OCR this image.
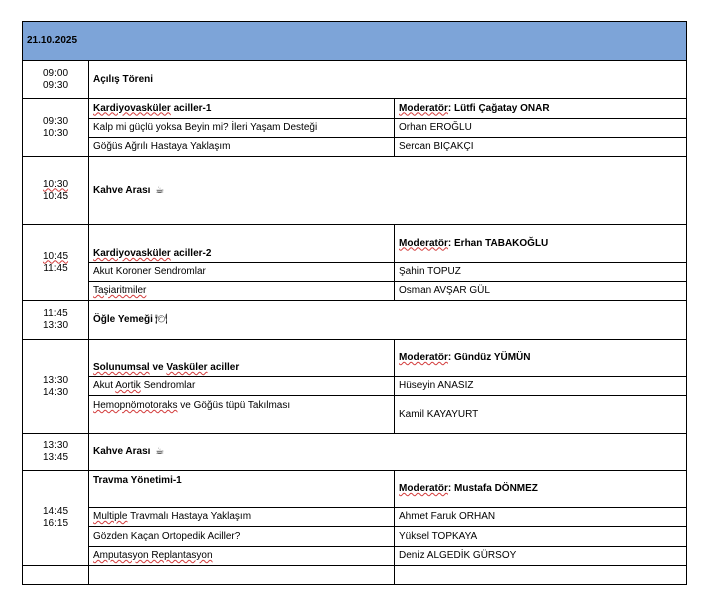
21.10.2025		

09:00
09:30	Açılış Töreni	

09:30
10:30	Kardiyovasküler aciller-1	Moderatör: Lütfi Çağatay ONAR
	Kalp mi güçlü yoksa Beyin mi? İleri Yaşam Desteği	Orhan EROĞLU
	Göğüs Ağrılı Hastaya Yaklaşım	Sercan BIÇAKÇI

10:30
10:45	Kahve Arası ☕	

10:45
11:45	Kardiyovasküler aciller-2	Moderatör: Erhan TABAKOĞLU
	Akut Koroner Sendromlar	Şahin TOPUZ
	Taşiaritmiler	Osman AVŞAR GÜL

11:45
13:30	Öğle Yemeği 🍽	

13:30
14:30	Solunumsal ve Vasküler aciller	Moderatör: Gündüz YÜMÜN
	Akut Aortik Sendromlar	Hüseyin ANASIZ
	Hemopnömotoraks ve Göğüs tüpü Takılması	Kamil KAYAYURT

13:30
13:45	Kahve Arası ☕	

14:45
16:15	Travma Yönetimi-1	Moderatör: Mustafa DÖNMEZ
	Multiple Travmalı Hastaya Yaklaşım	Ahmet Faruk ORHAN
	Gözden Kaçan Ortopedik Aciller?	Yüksel TOPKAYA
	Amputasyon Replantasyon	Deniz ALGEDİK GÜRSOY
